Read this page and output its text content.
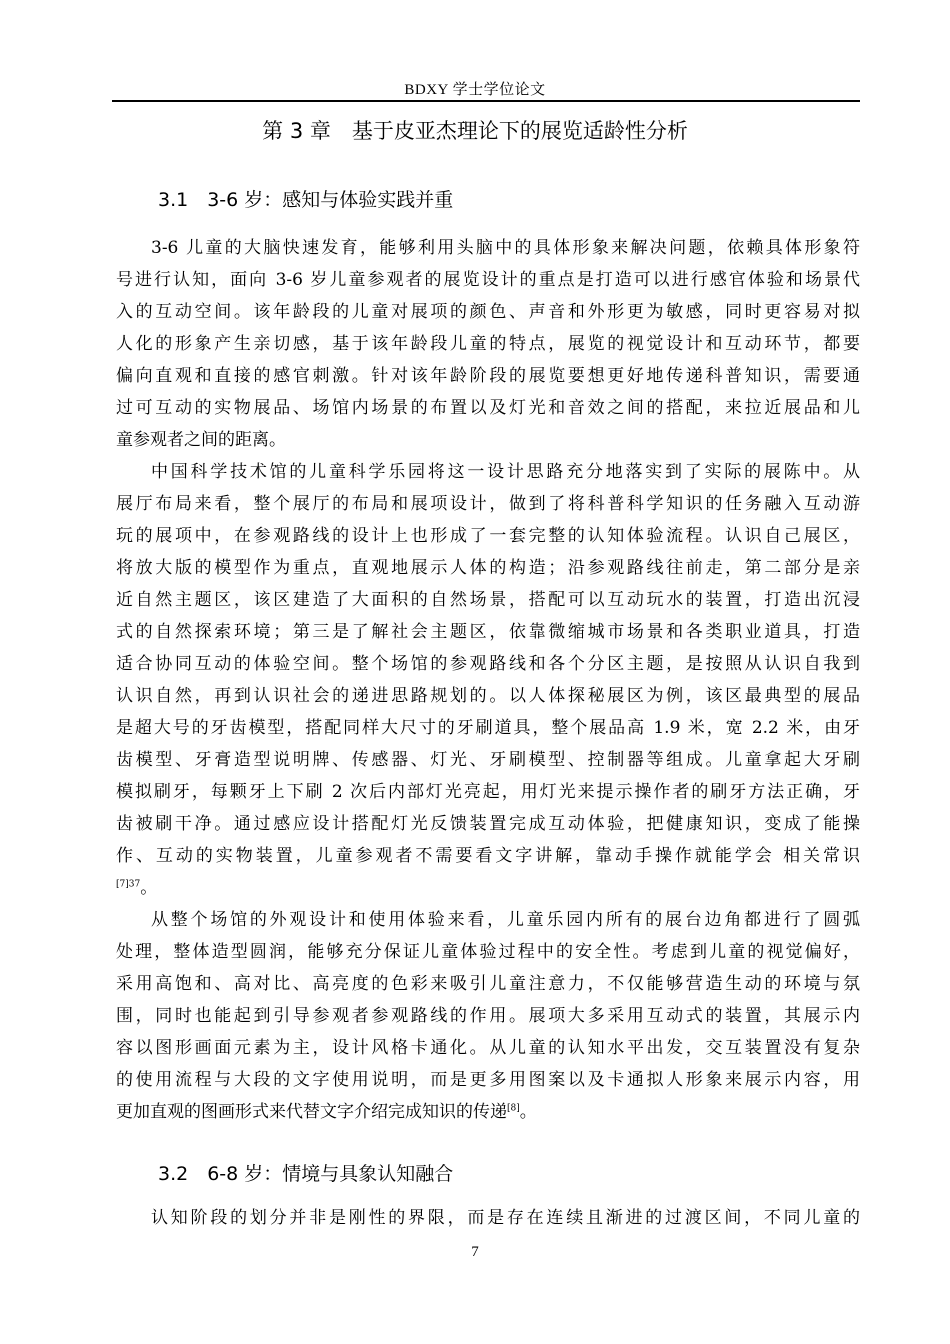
BDXY 学士学位论文
第 3 章　基于皮亚杰理论下的展览适龄性分析
3.1　3-6 岁：感知与体验实践并重

3-6 儿童的大脑快速发育，能够利用头脑中的具体形象来解决问题，依赖具体形象符
号进行认知，面向 3-6 岁儿童参观者的展览设计的重点是打造可以进行感官体验和场景代
入的互动空间。该年龄段的儿童对展项的颜色、声音和外形更为敏感，同时更容易对拟
人化的形象产生亲切感，基于该年龄段儿童的特点，展览的视觉设计和互动环节，都要
偏向直观和直接的感官刺激。针对该年龄阶段的展览要想更好地传递科普知识，需要通
过可互动的实物展品、场馆内场景的布置以及灯光和音效之间的搭配，来拉近展品和儿
童参观者之间的距离。

中国科学技术馆的儿童科学乐园将这一设计思路充分地落实到了实际的展陈中。从
展厅布局来看，整个展厅的布局和展项设计，做到了将科普科学知识的任务融入互动游
玩的展项中，在参观路线的设计上也形成了一套完整的认知体验流程。认识自己展区，
将放大版的模型作为重点，直观地展示人体的构造；沿参观路线往前走，第二部分是亲
近自然主题区，该区建造了大面积的自然场景，搭配可以互动玩水的装置，打造出沉浸
式的自然探索环境；第三是了解社会主题区，依靠微缩城市场景和各类职业道具，打造
适合协同互动的体验空间。整个场馆的参观路线和各个分区主题，是按照从认识自我到
认识自然，再到认识社会的递进思路规划的。以人体探秘展区为例，该区最典型的展品
是超大号的牙齿模型，搭配同样大尺寸的牙刷道具，整个展品高 1.9 米，宽 2.2 米，由牙
齿模型、牙膏造型说明牌、传感器、灯光、牙刷模型、控制器等组成。儿童拿起大牙刷
模拟刷牙，每颗牙上下刷 2 次后内部灯光亮起，用灯光来提示操作者的刷牙方法正确，牙
齿被刷干净。通过感应设计搭配灯光反馈装置完成互动体验，把健康知识，变成了能操
作、互动的实物装置，儿童参观者不需要看文字讲解，靠动手操作就能学会 相关常识
$^{[7]37}$。

从整个场馆的外观设计和使用体验来看，儿童乐园内所有的展台边角都进行了圆弧
处理，整体造型圆润，能够充分保证儿童体验过程中的安全性。考虑到儿童的视觉偏好，
采用高饱和、高对比、高亮度的色彩来吸引儿童注意力，不仅能够营造生动的环境与氛
围，同时也能起到引导参观者参观路线的作用。展项大多采用互动式的装置，其展示内
容以图形画面元素为主，设计风格卡通化。从儿童的认知水平出发，交互装置没有复杂
的使用流程与大段的文字使用说明，而是更多用图案以及卡通拟人形象来展示内容，用
更加直观的图画形式来代替文字介绍完成知识的传递[8]。

3.2　6-8 岁：情境与具象认知融合

认知阶段的划分并非是刚性的界限，而是存在连续且渐进的过渡区间，不同儿童的

7
